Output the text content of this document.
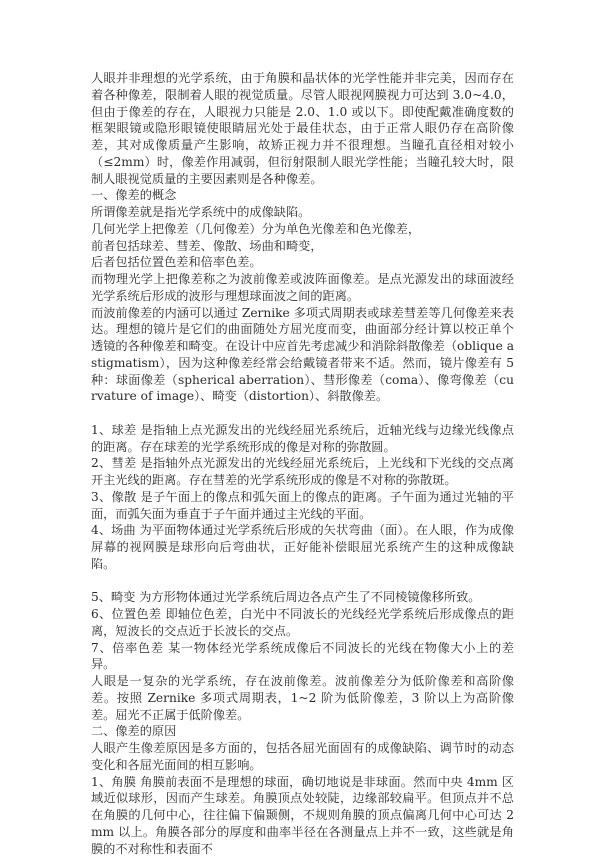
人眼并非理想的光学系统，由于角膜和晶状体的光学性能并非完美，因而存在着各种像差，限制着人眼的视觉质量。尽管人眼视网膜视力可达到 3.0~4.0，但由于像差的存在，人眼视力只能是 2.0、1.0 或以下。即使配戴准确度数的框架眼镜或隐形眼镜使眼睛屈光处于最佳状态，由于正常人眼仍存在高阶像差，其对成像质量产生影响，故矫正视力并不很理想。当瞳孔直径相对较小（≤2mm）时，像差作用减弱，但衍射限制人眼光学性能；当瞳孔较大时，限制人眼视觉质量的主要因素则是各种像差。

一、像差的概念

所谓像差就是指光学系统中的成像缺陷。

几何光学上把像差（几何像差）分为单色光像差和色光像差，

前者包括球差、彗差、像散、场曲和畸变，

后者包括位置色差和倍率色差。

而物理光学上把像差称之为波前像差或波阵面像差。是点光源发出的球面波经光学系统后形成的波形与理想球面波之间的距离。

而波前像差的内涵可以通过 Zernike 多项式周期表或球差彗差等几何像差来表达。理想的镜片是它们的曲面随处方屈光度而变，曲面部分经计算以校正单个透镜的各种像差和畸变。在设计中应首先考虑减少和消除斜散像差（oblique astigmatism），因为这种像差经常会给戴镜者带来不适。然而，镜片像差有 5 种：球面像差（spherical aberration）、彗形像差（coma）、像弯像差（curvature of image）、畸变（distortion）、斜散像差。

1、球差 是指轴上点光源发出的光线经屈光系统后，近轴光线与边缘光线像点的距离。存在球差的光学系统形成的像是对称的弥散圆。

2、彗差 是指轴外点光源发出的光线经屈光系统后，上光线和下光线的交点离开主光线的距离。存在彗差的光学系统形成的像是不对称的弥散斑。

3、像散 是子午面上的像点和弧矢面上的像点的距离。子午面为通过光轴的平面，而弧矢面为垂直于子午面并通过主光线的平面。

4、场曲 为平面物体通过光学系统后形成的矢状弯曲（面）。在人眼，作为成像屏幕的视网膜是球形向后弯曲状，正好能补偿眼屈光系统产生的这种成像缺陷。

5、畸变 为方形物体通过光学系统后周边各点产生了不同棱镜像移所致。

6、位置色差 即轴位色差，白光中不同波长的光线经光学系统后形成像点的距离，短波长的交点近于长波长的交点。

7、倍率色差 某一物体经光学系统成像后不同波长的光线在物像大小上的差异。

人眼是一复杂的光学系统，存在波前像差。波前像差分为低阶像差和高阶像差。按照 Zernike 多项式周期表，1~2 阶为低阶像差，3 阶以上为高阶像差。屈光不正属于低阶像差。

二、像差的原因

人眼产生像差原因是多方面的，包括各屈光面固有的成像缺陷、调节时的动态变化和各屈光面间的相互影响。

1、角膜 角膜前表面不是理想的球面，确切地说是非球面。然而中央 4mm 区域近似球形，因而产生球差。角膜顶点处较陡，边缘部较扁平。但顶点并不总在角膜的几何中心，往往偏下偏颞侧，不规则角膜的顶点偏离几何中心可达 2mm 以上。角膜各部分的厚度和曲率半径在各测量点上并不一致，这些就是角膜的不对称性和表面不
